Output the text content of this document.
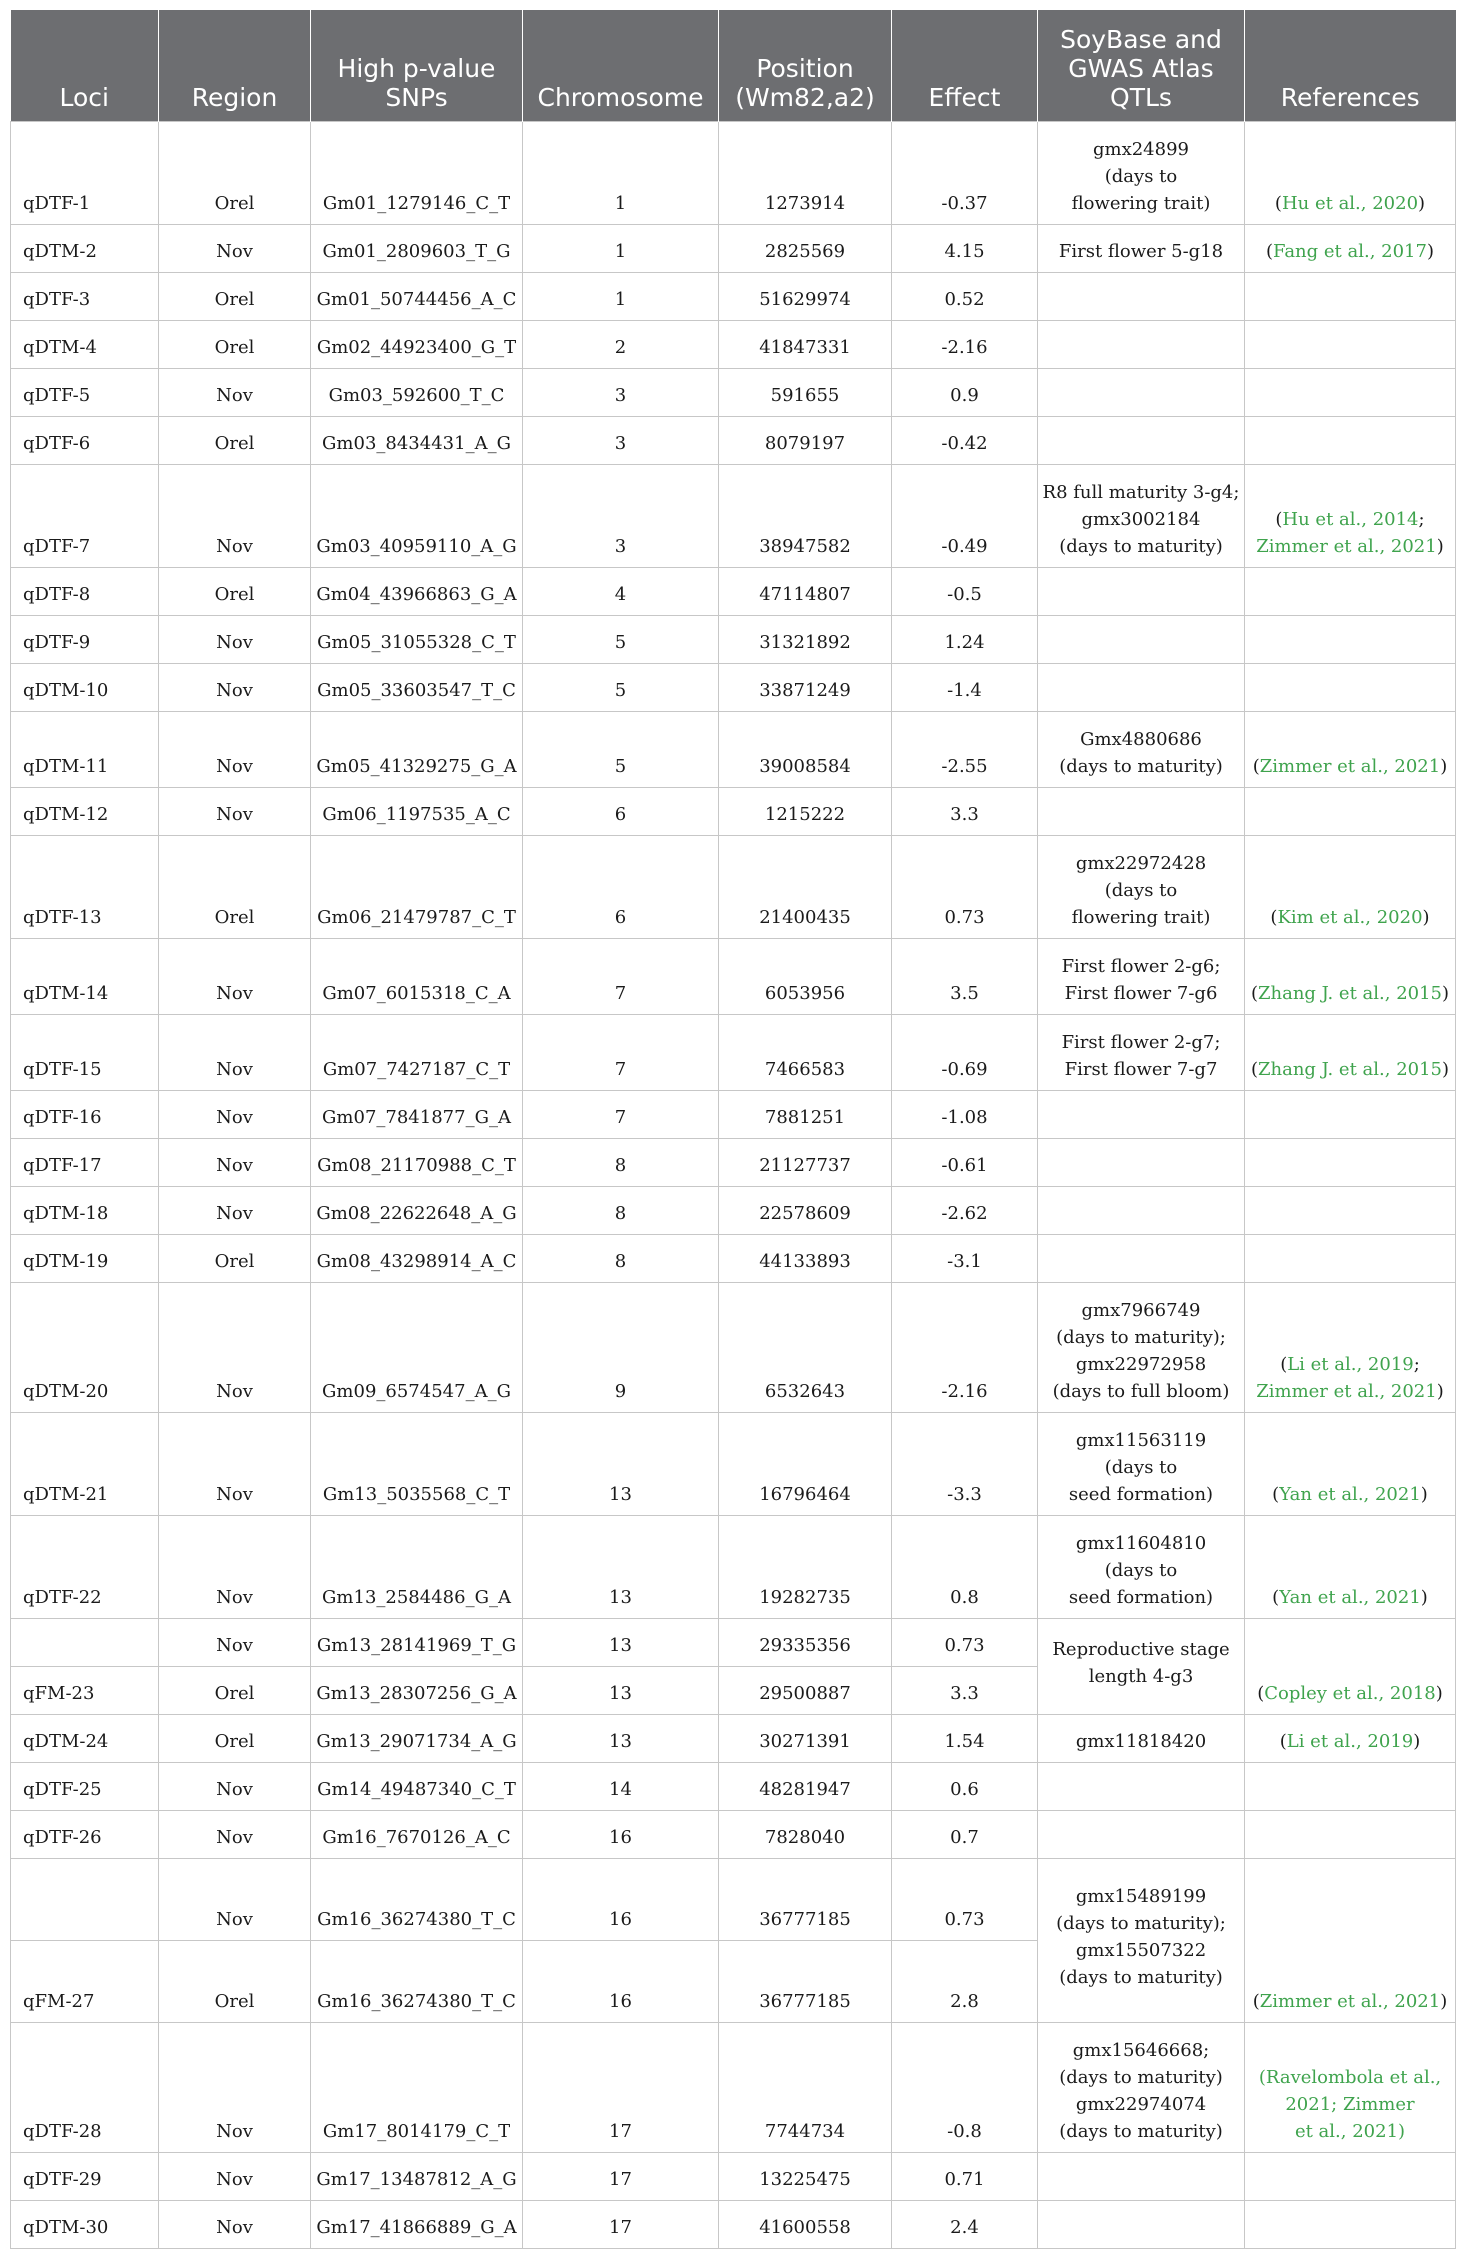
Loci	Region	High p-value SNPs	Chromosome	Position (Wm82,a2)	Effect	SoyBase and GWAS Atlas QTLs	References
qDTF-1	Orel	Gm01_1279146_C_T	1	1273914	-0.37	gmx24899
(days to
flowering trait)	(Hu et al., 2020)
qDTM-2	Nov	Gm01_2809603_T_G	1	2825569	4.15	First flower 5-g18	(Fang et al., 2017)
qDTF-3	Orel	Gm01_50744456_A_C	1	51629974	0.52		
qDTM-4	Orel	Gm02_44923400_G_T	2	41847331	-2.16		
qDTF-5	Nov	Gm03_592600_T_C	3	591655	0.9		
qDTF-6	Orel	Gm03_8434431_A_G	3	8079197	-0.42		
qDTF-7	Nov	Gm03_40959110_A_G	3	38947582	-0.49	R8 full maturity 3-g4;
gmx3002184
(days to maturity)	(Hu et al., 2014;
Zimmer et al., 2021)
qDTF-8	Orel	Gm04_43966863_G_A	4	47114807	-0.5		
qDTF-9	Nov	Gm05_31055328_C_T	5	31321892	1.24		
qDTM-10	Nov	Gm05_33603547_T_C	5	33871249	-1.4		
qDTM-11	Nov	Gm05_41329275_G_A	5	39008584	-2.55	Gmx4880686
(days to maturity)	(Zimmer et al., 2021)
qDTM-12	Nov	Gm06_1197535_A_C	6	1215222	3.3		
qDTF-13	Orel	Gm06_21479787_C_T	6	21400435	0.73	gmx22972428
(days to
flowering trait)	(Kim et al., 2020)
qDTM-14	Nov	Gm07_6015318_C_A	7	6053956	3.5	First flower 2-g6;
First flower 7-g6	(Zhang J. et al., 2015)
qDTF-15	Nov	Gm07_7427187_C_T	7	7466583	-0.69	First flower 2-g7;
First flower 7-g7	(Zhang J. et al., 2015)
qDTF-16	Nov	Gm07_7841877_G_A	7	7881251	-1.08		
qDTF-17	Nov	Gm08_21170988_C_T	8	21127737	-0.61		
qDTM-18	Nov	Gm08_22622648_A_G	8	22578609	-2.62		
qDTM-19	Orel	Gm08_43298914_A_C	8	44133893	-3.1		
qDTM-20	Nov	Gm09_6574547_A_G	9	6532643	-2.16	gmx7966749
(days to maturity);
gmx22972958
(days to full bloom)	(Li et al., 2019;
Zimmer et al., 2021)
qDTM-21	Nov	Gm13_5035568_C_T	13	16796464	-3.3	gmx11563119
(days to
seed formation)	(Yan et al., 2021)
qDTF-22	Nov	Gm13_2584486_G_A	13	19282735	0.8	gmx11604810
(days to
seed formation)	(Yan et al., 2021)
	Nov	Gm13_28141969_T_G	13	29335356	0.73	Reproductive stage
length 4-g3	(Copley et al., 2018)
qFM-23	Orel	Gm13_28307256_G_A	13	29500887	3.3		
qDTM-24	Orel	Gm13_29071734_A_G	13	30271391	1.54	gmx11818420	(Li et al., 2019)
qDTF-25	Nov	Gm14_49487340_C_T	14	48281947	0.6		
qDTF-26	Nov	Gm16_7670126_A_C	16	7828040	0.7		
	Nov	Gm16_36274380_T_C	16	36777185	0.73	gmx15489199
(days to maturity);
gmx15507322
(days to maturity)	(Zimmer et al., 2021)
qFM-27	Orel	Gm16_36274380_T_C	16	36777185	2.8		
qDTF-28	Nov	Gm17_8014179_C_T	17	7744734	-0.8	gmx15646668;
(days to maturity)
gmx22974074
(days to maturity)	(Ravelombola et al.,
2021; Zimmer
et al., 2021)
qDTF-29	Nov	Gm17_13487812_A_G	17	13225475	0.71		
qDTM-30	Nov	Gm17_41866889_G_A	17	41600558	2.4		
